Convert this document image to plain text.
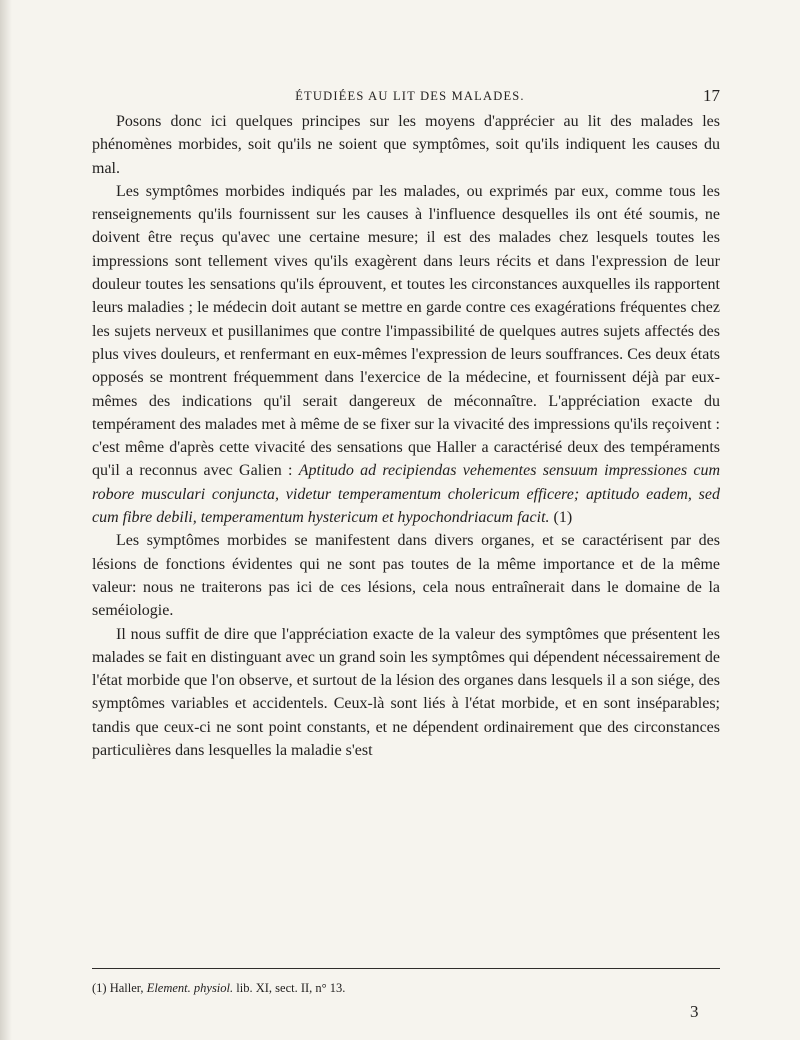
ÉTUDIÉES AU LIT DES MALADES.	17

Posons donc ici quelques principes sur les moyens d'apprécier au lit des malades les phénomènes morbides, soit qu'ils ne soient que symptômes, soit qu'ils indiquent les causes du mal.

Les symptômes morbides indiqués par les malades, ou exprimés par eux, comme tous les renseignements qu'ils fournissent sur les causes à l'influence desquelles ils ont été soumis, ne doivent être reçus qu'avec une certaine mesure; il est des malades chez lesquels toutes les impressions sont tellement vives qu'ils exagèrent dans leurs récits et dans l'expression de leur douleur toutes les sensations qu'ils éprouvent, et toutes les circonstances auxquelles ils rapportent leurs maladies ; le médecin doit autant se mettre en garde contre ces exagérations fréquentes chez les sujets nerveux et pusillanimes que contre l'impassibilité de quelques autres sujets affectés des plus vives douleurs, et renfermant en eux-mêmes l'expression de leurs souffrances. Ces deux états opposés se montrent fréquemment dans l'exercice de la médecine, et fournissent déjà par eux-mêmes des indications qu'il serait dangereux de méconnaître. L'appréciation exacte du tempérament des malades met à même de se fixer sur la vivacité des impressions qu'ils reçoivent : c'est même d'après cette vivacité des sensations que Haller a caractérisé deux des tempéraments qu'il a reconnus avec Galien : Aptitudo ad recipiendas vehementes sensuum impressiones cum robore musculari conjuncta, videtur temperamentum cholericum efficere; aptitudo eadem, sed cum fibre debili, temperamentum hystericum et hypochondriacum facit. (1)

Les symptômes morbides se manifestent dans divers organes, et se caractérisent par des lésions de fonctions évidentes qui ne sont pas toutes de la même importance et de la même valeur: nous ne traiterons pas ici de ces lésions, cela nous entraînerait dans le domaine de la seméiologie.

Il nous suffit de dire que l'appréciation exacte de la valeur des symptômes que présentent les malades se fait en distinguant avec un grand soin les symptômes qui dépendent nécessairement de l'état morbide que l'on observe, et surtout de la lésion des organes dans lesquels il a son siége, des symptômes variables et accidentels. Ceux-là sont liés à l'état morbide, et en sont inséparables; tandis que ceux-ci ne sont point constants, et ne dépendent ordinairement que des circonstances particulières dans lesquelles la maladie s'est

(1) Haller, Element. physiol. lib. XI, sect. II, n° 13.
3
